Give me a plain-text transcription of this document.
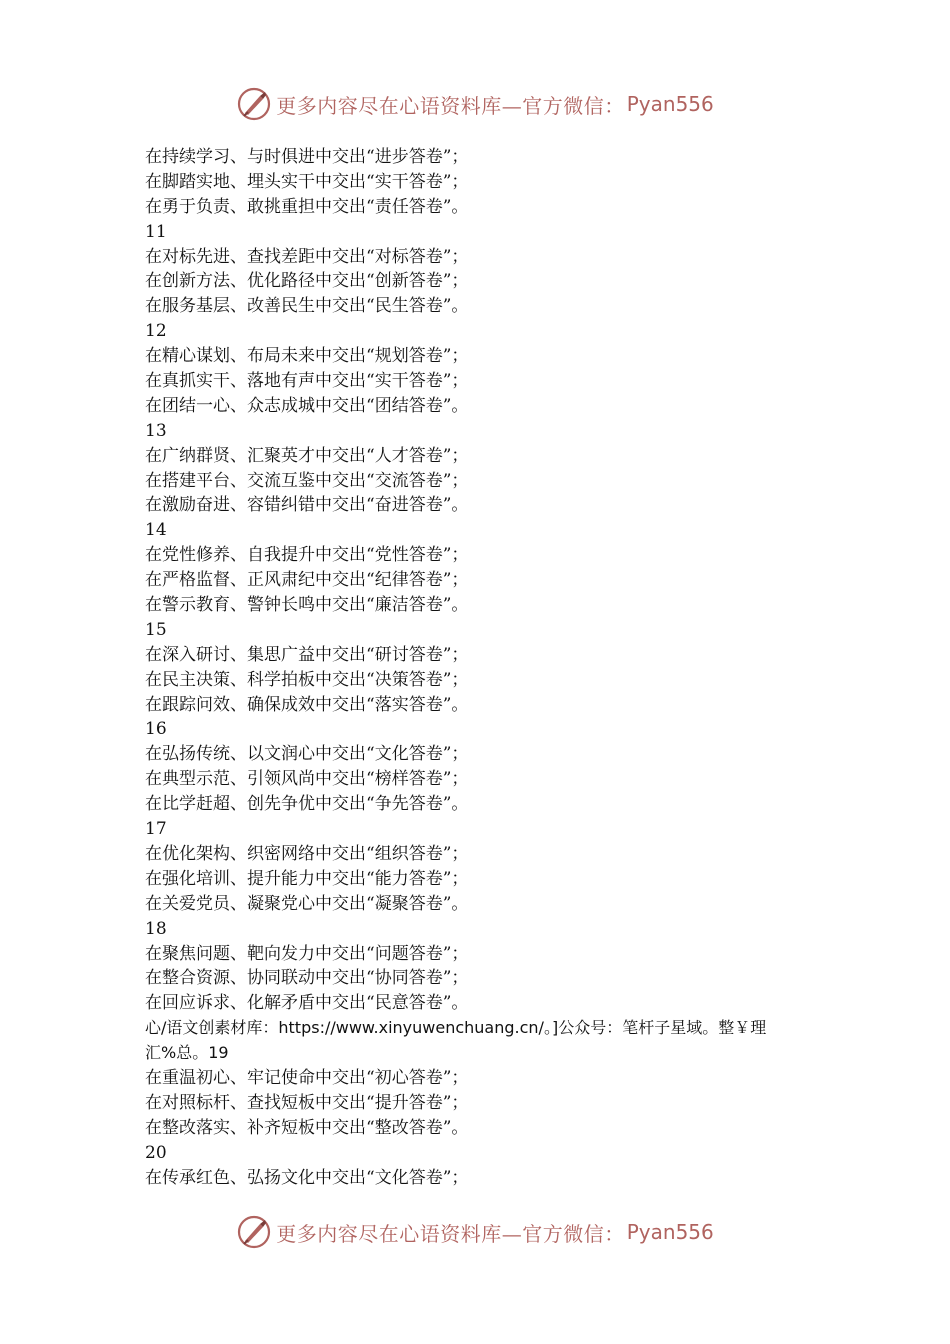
更多内容尽在心语资料库—官方微信： Pyan556
在持续学习、与时俱进中交出“进步答卷”；
在脚踏实地、埋头实干中交出“实干答卷”；
在勇于负责、敢挑重担中交出“责任答卷”。
11
在对标先进、查找差距中交出“对标答卷”；
在创新方法、优化路径中交出“创新答卷”；
在服务基层、改善民生中交出“民生答卷”。
12
在精心谋划、布局未来中交出“规划答卷”；
在真抓实干、落地有声中交出“实干答卷”；
在团结一心、众志成城中交出“团结答卷”。
13
在广纳群贤、汇聚英才中交出“人才答卷”；
在搭建平台、交流互鉴中交出“交流答卷”；
在激励奋进、容错纠错中交出“奋进答卷”。
14
在党性修养、自我提升中交出“党性答卷”；
在严格监督、正风肃纪中交出“纪律答卷”；
在警示教育、警钟长鸣中交出“廉洁答卷”。
15
在深入研讨、集思广益中交出“研讨答卷”；
在民主决策、科学拍板中交出“决策答卷”；
在跟踪问效、确保成效中交出“落实答卷”。
16
在弘扬传统、以文润心中交出“文化答卷”；
在典型示范、引领风尚中交出“榜样答卷”；
在比学赶超、创先争优中交出“争先答卷”。
17
在优化架构、织密网络中交出“组织答卷”；
在强化培训、提升能力中交出“能力答卷”；
在关爱党员、凝聚党心中交出“凝聚答卷”。
18
在聚焦问题、靶向发力中交出“问题答卷”；
在整合资源、协同联动中交出“协同答卷”；
在回应诉求、化解矛盾中交出“民意答卷”。
心/语文创素材库：https://www.xinyuwenchuang.cn/。]公众号：笔杆子星域。整￥理
汇%总。19
在重温初心、牢记使命中交出“初心答卷”；
在对照标杆、查找短板中交出“提升答卷”；
在整改落实、补齐短板中交出“整改答卷”。
20
在传承红色、弘扬文化中交出“文化答卷”；
更多内容尽在心语资料库—官方微信： Pyan556
